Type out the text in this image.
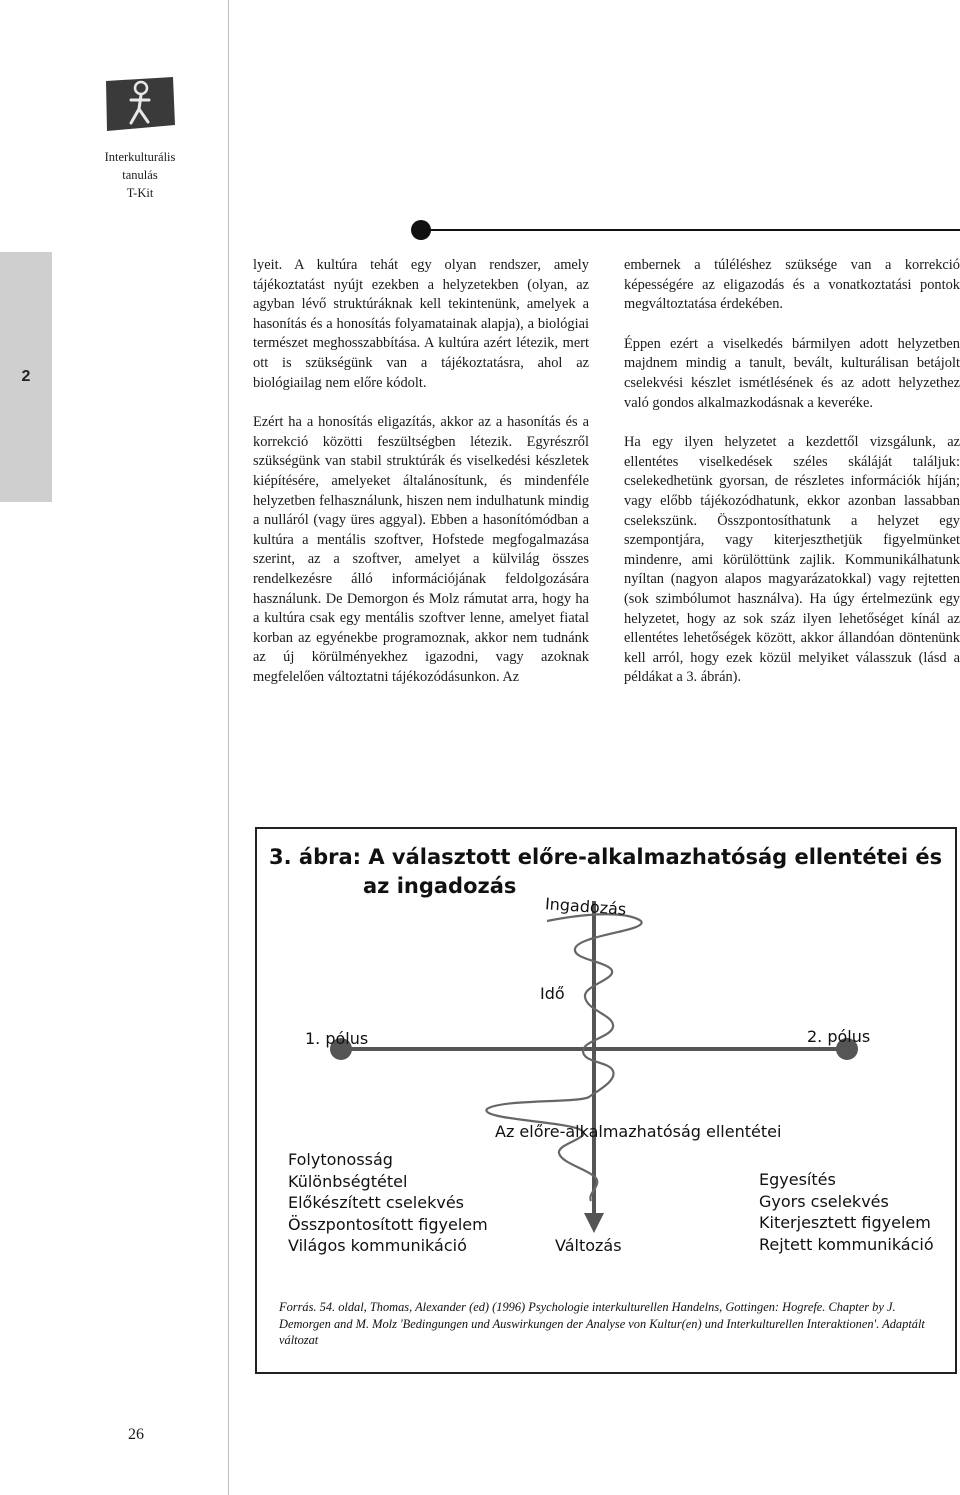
2
Interkulturális
tanulás
T-Kit

lyeit. A kultúra tehát egy olyan rendszer, amely tájékoztatást nyújt ezekben a helyzetekben (olyan, az agyban lévő struktúráknak kell tekintenünk, amelyek a hasonítás és a honosítás folyamatainak alapja), a biológiai természet meghosszabbítása. A kultúra azért létezik, mert ott is szükségünk van a tájékoztatásra, ahol az biológiailag nem előre kódolt.

Ezért ha a honosítás eligazítás, akkor az a hasonítás és a korrekció közötti feszültségben létezik. Egyrészről szükségünk van stabil struktúrák és viselkedési készletek kiépítésére, amelyeket általánosítunk, és mindenféle helyzetben felhasználunk, hiszen nem indulhatunk mindig a nulláról (vagy üres aggyal). Ebben a hasonítómódban a kultúra a mentális szoftver, Hofstede megfogalmazása szerint, az a szoftver, amelyet a külvilág összes rendelkezésre álló információjának feldolgozására használunk. De Demorgon és Molz rámutat arra, hogy ha a kultúra csak egy mentális szoftver lenne, amelyet fiatal korban az egyénekbe programoznak, akkor nem tudnánk az új körülményekhez igazodni, vagy azoknak megfelelően változtatni tájékozódásunkon. Az

embernek a túléléshez szüksége van a korrekció képességére az eligazodás és a vonatkoztatási pontok megváltoztatása érdekében.

Éppen ezért a viselkedés bármilyen adott helyzetben majdnem mindig a tanult, bevált, kulturálisan betájolt cselekvési készlet ismétlésének és az adott helyzethez való gondos alkalmazkodásnak a keveréke.

Ha egy ilyen helyzetet a kezdettől vizsgálunk, az ellentétes viselkedések széles skáláját találjuk: cselekedhetünk gyorsan, de részletes információk híján; vagy előbb tájékozódhatunk, ekkor azonban lassabban cselekszünk. Összpontosíthatunk a helyzet egy szempontjára, vagy kiterjeszthetjük figyelmünket mindenre, ami körülöttünk zajlik. Kommunikálhatunk nyíltan (nagyon alapos magyarázatokkal) vagy rejtetten (sok szimbólumot használva). Ha úgy értelmezünk egy helyzetet, hogy az sok száz ilyen lehetőséget kínál az ellentétes lehetőségek között, akkor állandóan döntenünk kell arról, hogy ezek közül melyiket válasszuk (lásd a példákat a 3. ábrán).

3. ábra: A választott előre-alkalmazhatóság ellentétei és
az ingadozás
Ingadozás
Idő
1. pólus	2. pólus
Az előre-alkalmazhatóság ellentétei
Változás
Folytonosság
Különbségtétel
Előkészített cselekvés
Összpontosított figyelem
Világos kommunikáció
Egyesítés
Gyors cselekvés
Kiterjesztett figyelem
Rejtett kommunikáció
Forrás. 54. oldal, Thomas, Alexander (ed) (1996) Psychologie interkulturellen Handelns, Gottingen: Hogrefe. Chapter by J. Demorgen and M. Molz 'Bedingungen und Auswirkungen der Analyse von Kultur(en) und Interkulturellen Interaktionen'. Adaptált változat
26
